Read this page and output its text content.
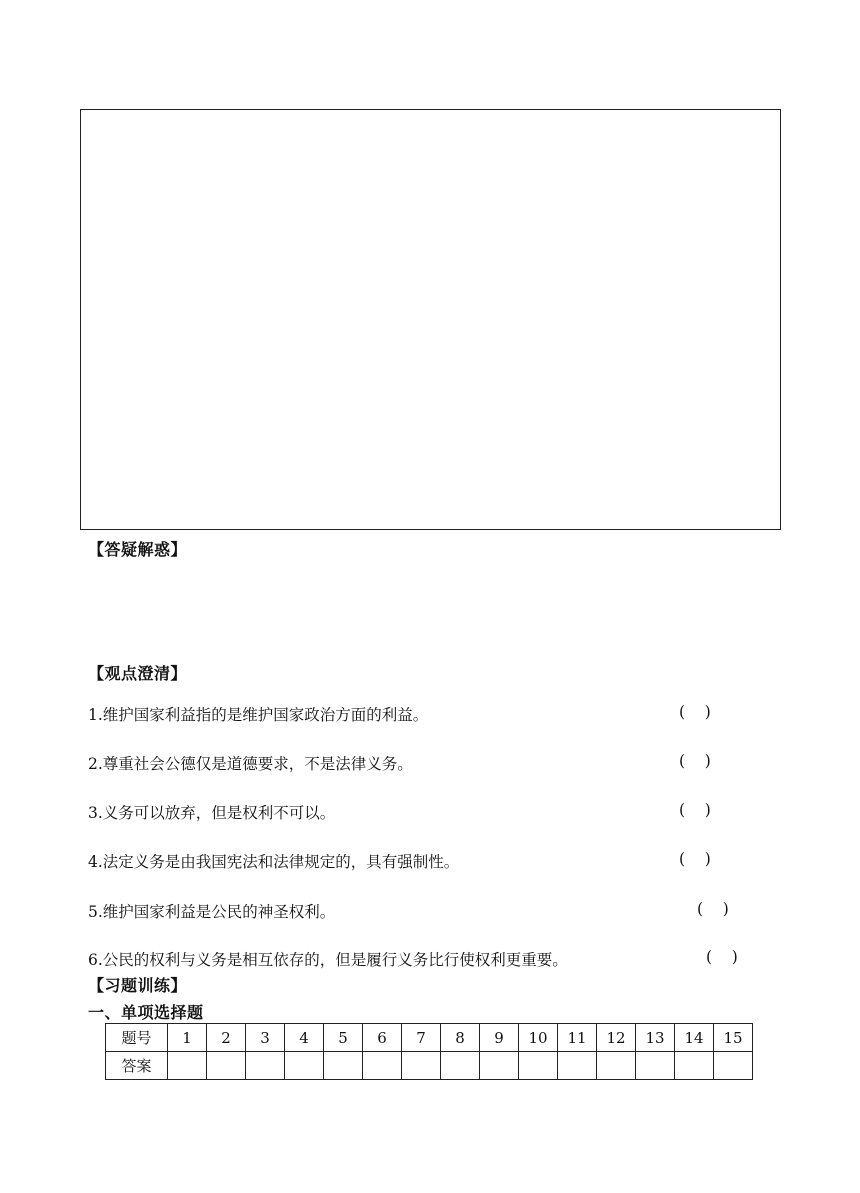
【答疑解惑】
【观点澄清】
1.维护国家利益指的是维护国家政治方面的利益。	(    )
2.尊重社会公德仅是道德要求，不是法律义务。	(    )
3.义务可以放弃，但是权利不可以。	(    )
4.法定义务是由我国宪法和法律规定的，具有强制性。	(    )
5.维护国家利益是公民的神圣权利。	(    )
6.公民的权利与义务是相互依存的，但是履行义务比行使权利更重要。	(    )
【习题训练】
一、单项选择题
题号	1	2	3	4	5	6	7	8	9	10	11	12	13	14	15
答案															
